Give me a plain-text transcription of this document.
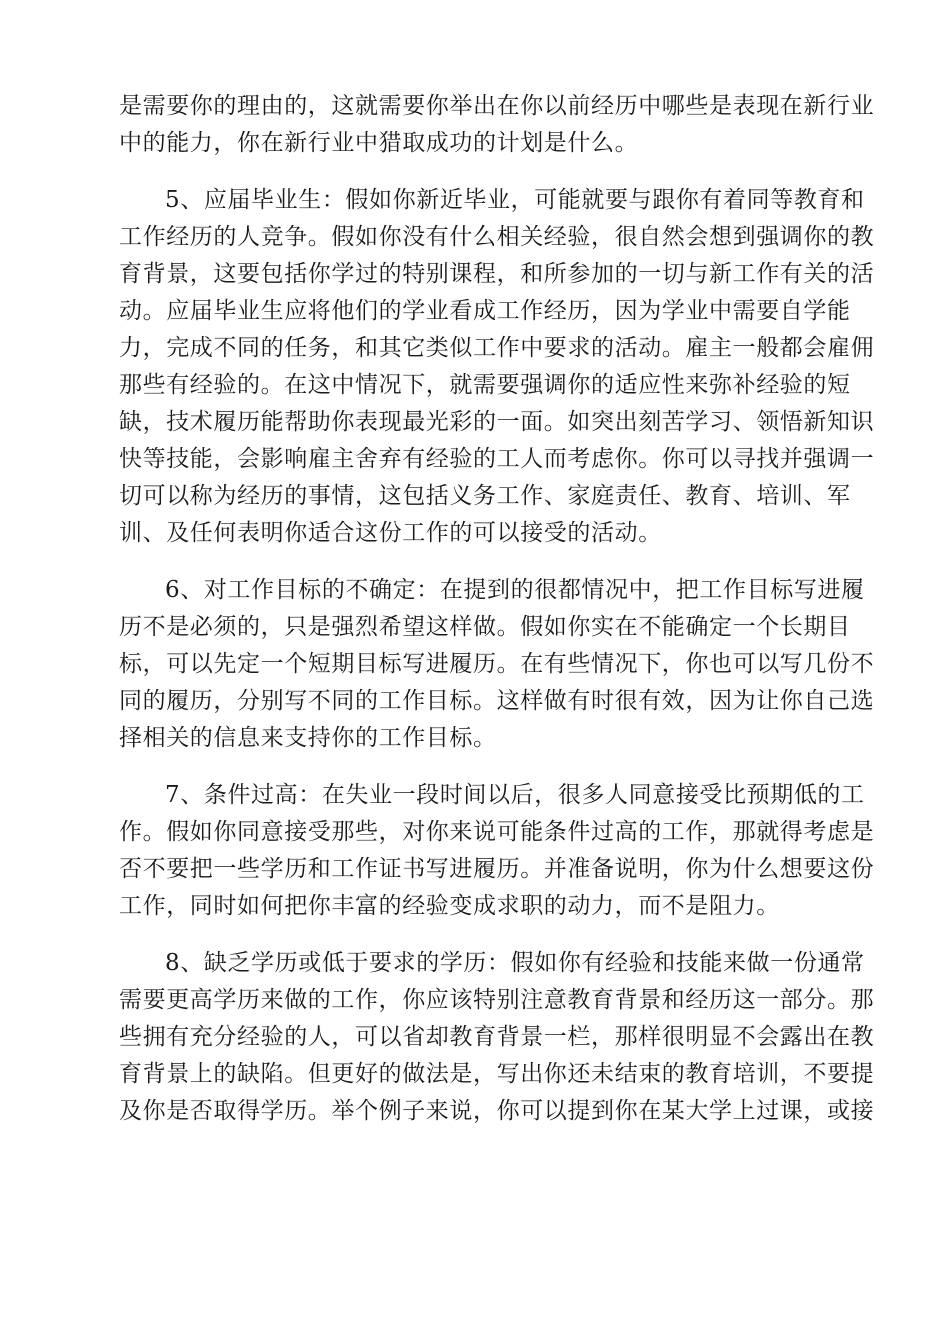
是需要你的理由的，这就需要你举出在你以前经历中哪些是表现在新行业
中的能力，你在新行业中猎取成功的计划是什么。
5、应届毕业生：假如你新近毕业，可能就要与跟你有着同等教育和
工作经历的人竞争。假如你没有什么相关经验，很自然会想到强调你的教
育背景，这要包括你学过的特别课程，和所参加的一切与新工作有关的活
动。应届毕业生应将他们的学业看成工作经历，因为学业中需要自学能
力，完成不同的任务，和其它类似工作中要求的活动。雇主一般都会雇佣
那些有经验的。在这中情况下，就需要强调你的适应性来弥补经验的短
缺，技术履历能帮助你表现最光彩的一面。如突出刻苦学习、领悟新知识
快等技能，会影响雇主舍弃有经验的工人而考虑你。你可以寻找并强调一
切可以称为经历的事情，这包括义务工作、家庭责任、教育、培训、军
训、及任何表明你适合这份工作的可以接受的活动。
6、对工作目标的不确定：在提到的很都情况中，把工作目标写进履
历不是必须的，只是强烈希望这样做。假如你实在不能确定一个长期目
标，可以先定一个短期目标写进履历。在有些情况下，你也可以写几份不
同的履历，分别写不同的工作目标。这样做有时很有效，因为让你自己选
择相关的信息来支持你的工作目标。
7、条件过高：在失业一段时间以后，很多人同意接受比预期低的工
作。假如你同意接受那些，对你来说可能条件过高的工作，那就得考虑是
否不要把一些学历和工作证书写进履历。并准备说明，你为什么想要这份
工作，同时如何把你丰富的经验变成求职的动力，而不是阻力。
8、缺乏学历或低于要求的学历：假如你有经验和技能来做一份通常
需要更高学历来做的工作，你应该特别注意教育背景和经历这一部分。那
些拥有充分经验的人，可以省却教育背景一栏，那样很明显不会露出在教
育背景上的缺陷。但更好的做法是，写出你还未结束的教育培训，不要提
及你是否取得学历。举个例子来说，你可以提到你在某大学上过课，或接
